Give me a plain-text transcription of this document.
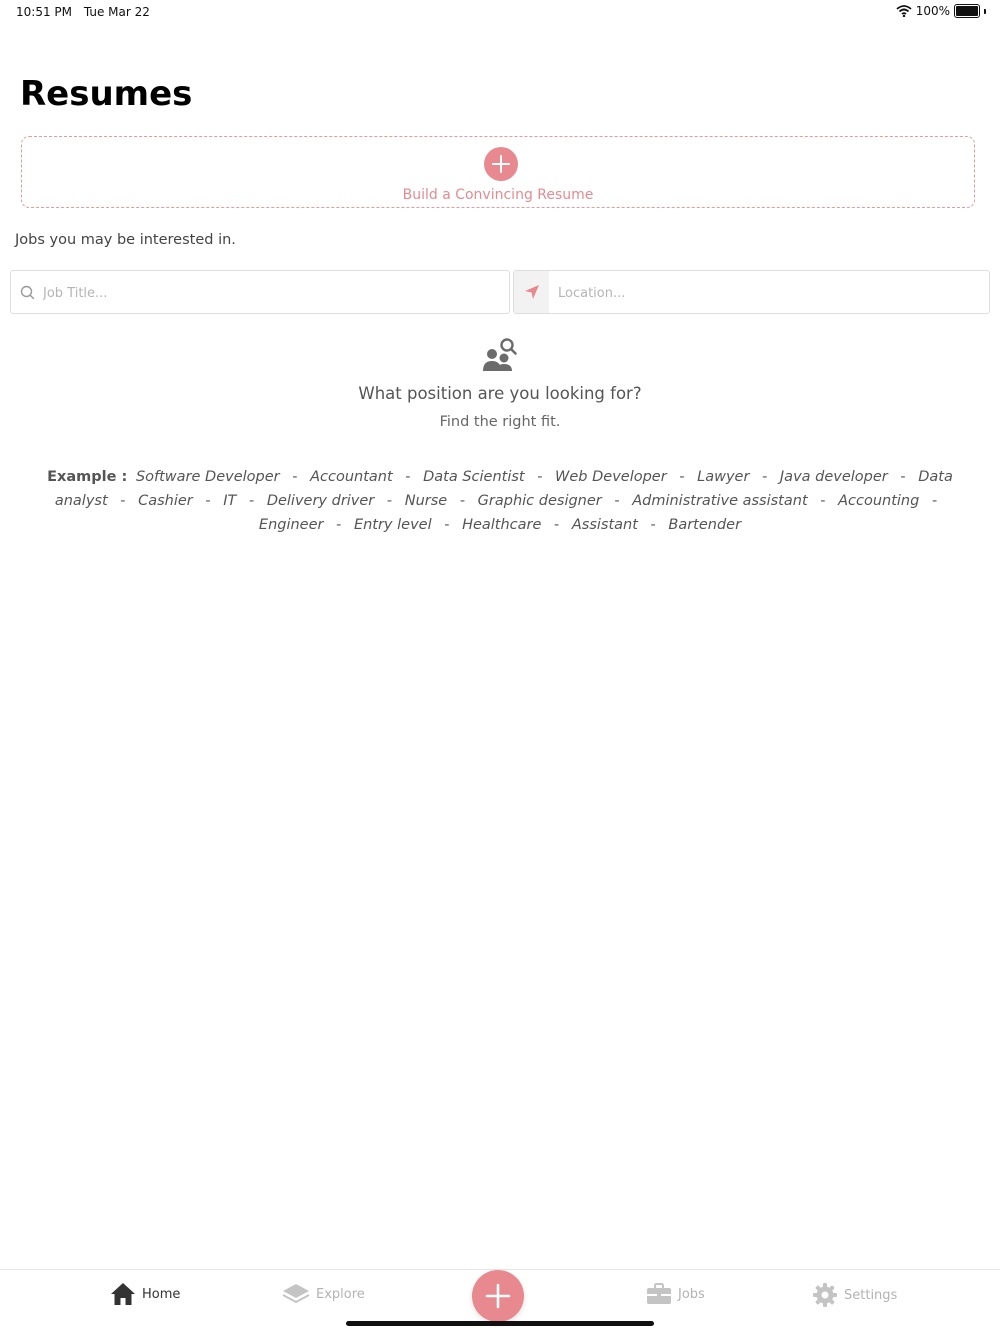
10:51 PM Tue Mar 22	100%
Resumes
Build a Convincing Resume
Jobs you may be interested in.
Job Title...
Location...
What position are you looking for?
Find the right fit.
Example : Software Developer - Accountant - Data Scientist - Web Developer - Lawyer - Java developer - Data analyst - Cashier - IT - Delivery driver - Nurse - Graphic designer - Administrative assistant - Accounting - Engineer - Entry level - Healthcare - Assistant - Bartender
Home	Explore	Jobs	Settings
